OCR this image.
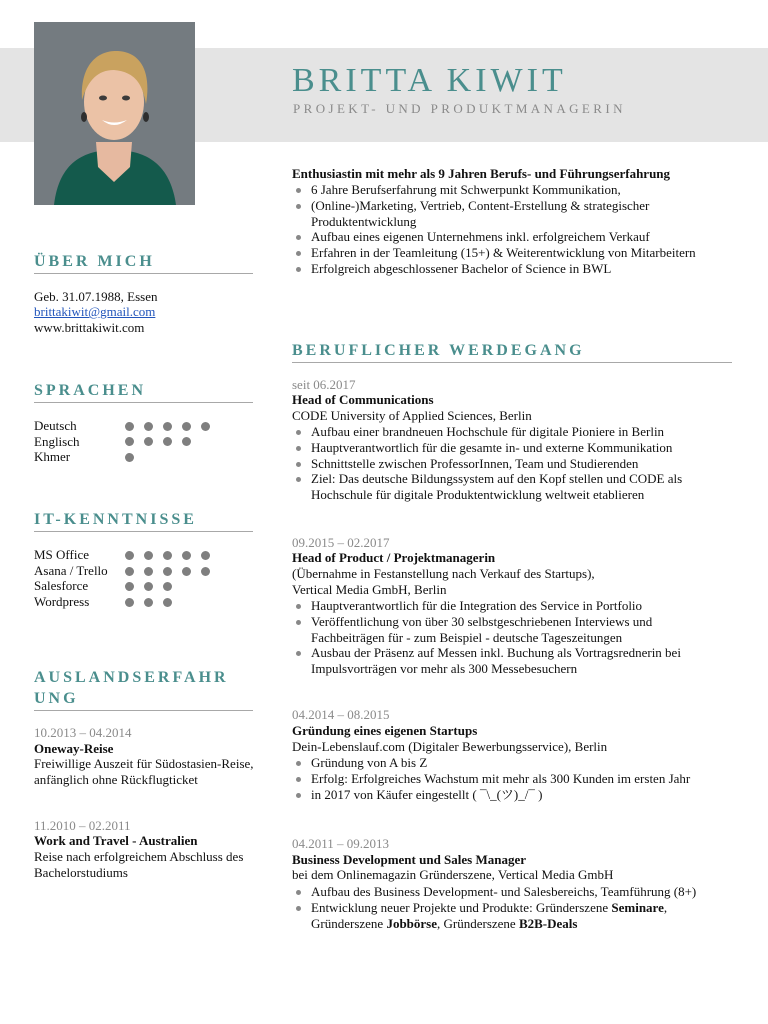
BRITTA KIWIT
PROJEKT- UND PRODUKTMANAGERIN
ÜBER MICH
Geb. 31.07.1988, Essen
brittakiwit@gmail.com
www.brittakiwit.com
SPRACHEN
Deutsch
Englisch
Khmer
IT-KENNTNISSE
MS Office
Asana / Trello
Salesforce
Wordpress
AUSLANDSERFAHR
UNG
10.2013 – 04.2014
Oneway-Reise
Freiwillige Auszeit für Südostasien-Reise, anfänglich ohne Rückflugticket
11.2010 – 02.2011
Work and Travel - Australien
Reise nach erfolgreichem Abschluss des Bachelorstudiums
Enthusiastin mit mehr als 9 Jahren Berufs- und Führungserfahrung
6 Jahre Berufserfahrung mit Schwerpunkt Kommunikation,
(Online-)Marketing, Vertrieb, Content-Erstellung & strategischer Produktentwicklung
Aufbau eines eigenen Unternehmens inkl. erfolgreichem Verkauf
Erfahren in der Teamleitung (15+) & Weiterentwicklung von Mitarbeitern
Erfolgreich abgeschlossener Bachelor of Science in BWL
BERUFLICHER WERDEGANG
seit 06.2017
Head of Communications
CODE University of Applied Sciences, Berlin
Aufbau einer brandneuen Hochschule für digitale Pioniere in Berlin
Hauptverantwortlich für die gesamte in- und externe Kommunikation
Schnittstelle zwischen ProfessorInnen, Team und Studierenden
Ziel: Das deutsche Bildungssystem auf den Kopf stellen und CODE als Hochschule für digitale Produktentwicklung weltweit etablieren
09.2015 – 02.2017
Head of Product / Projektmanagerin
(Übernahme in Festanstellung nach Verkauf des Startups),
Vertical Media GmbH, Berlin
Hauptverantwortlich für die Integration des Service in Portfolio
Veröffentlichung von über 30 selbstgeschriebenen Interviews und Fachbeiträgen für - zum Beispiel - deutsche Tageszeitungen
Ausbau der Präsenz auf Messen inkl. Buchung als Vortragsrednerin bei Impulsvorträgen vor mehr als 300 Messebesuchern
04.2014 – 08.2015
Gründung eines eigenen Startups
Dein-Lebenslauf.com (Digitaler Bewerbungsservice), Berlin
Gründung von A bis Z
Erfolg: Erfolgreiches Wachstum mit mehr als 300 Kunden im ersten Jahr
in 2017 von Käufer eingestellt ( ¯\_(ツ)_/¯ )
04.2011 – 09.2013
Business Development und Sales Manager
bei dem Onlinemagazin Gründerszene, Vertical Media GmbH
Aufbau des Business Development- und Salesbereichs, Teamführung (8+)
Entwicklung neuer Projekte und Produkte: Gründerszene Seminare, Gründerszene Jobbörse, Gründerszene B2B-Deals
